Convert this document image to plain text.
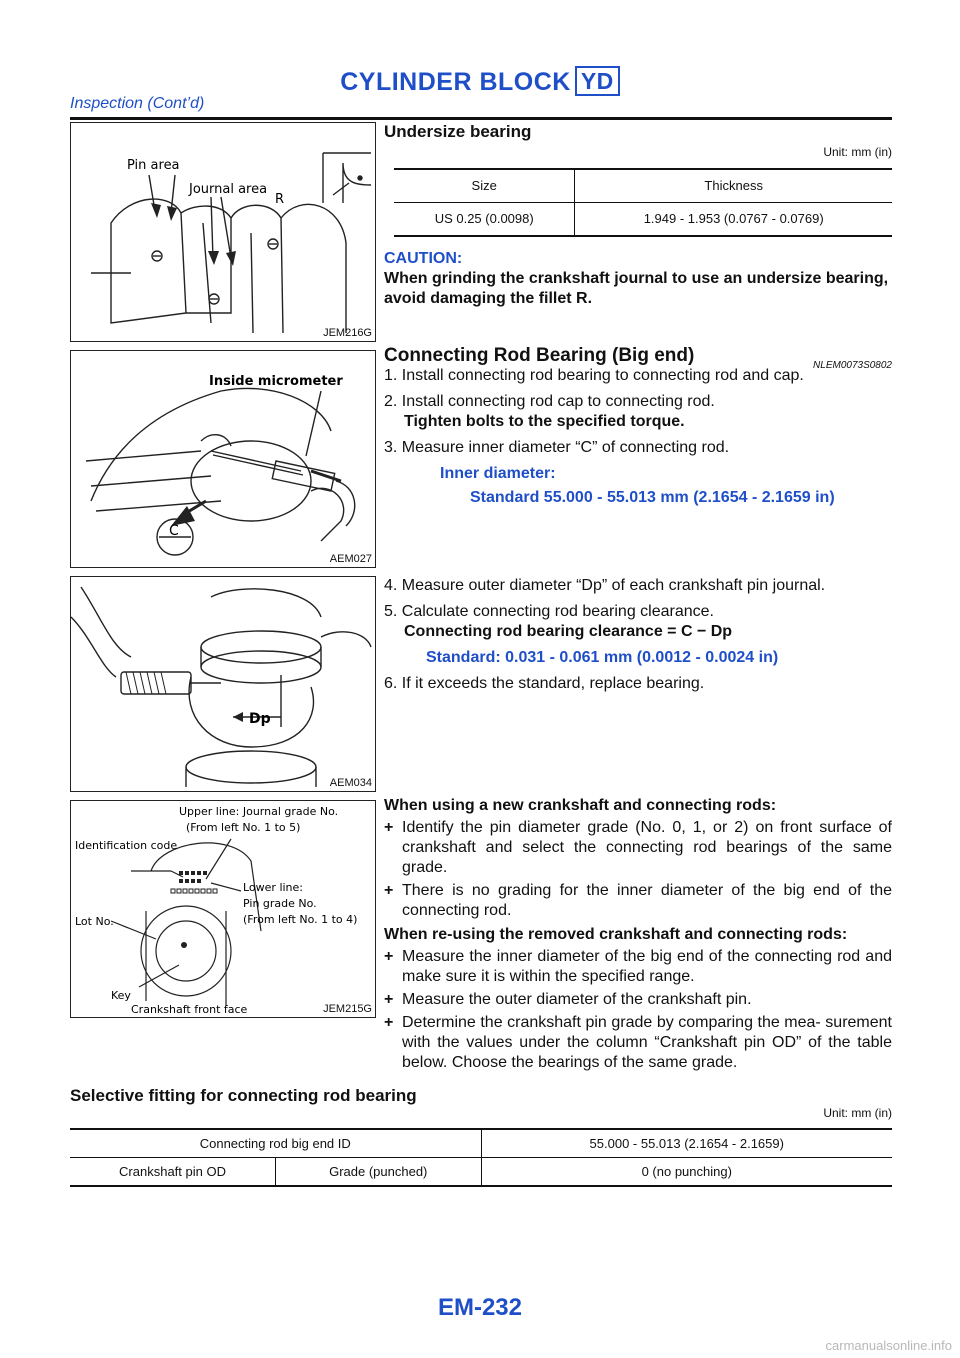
CYLINDER BLOCK YD
Inspection (Cont’d)
Pin area
Journal area
R
JEM216G
Inside micrometer
C
AEM027
Dp
AEM034
Upper line: Journal grade No.
(From left No. 1 to 5)
Identification code
Lower line:
Pin grade No.
(From left No. 1 to 4)
Lot No.
Key
Crankshaft front face	JEM215G
Undersize bearing
Unit: mm (in)
Size	Thickness
US 0.25 (0.0098)	1.949 - 1.953 (0.0767 - 0.0769)
CAUTION:
When grinding the crankshaft journal to use an undersize bearing, avoid damaging the fillet R.
Connecting Rod Bearing (Big end)	NLEM0073S0802
1. Install connecting rod bearing to connecting rod and cap.
2. Install connecting rod cap to connecting rod.
Tighten bolts to the specified torque.
3. Measure inner diameter “C” of connecting rod.
Inner diameter:
Standard 55.000 - 55.013 mm (2.1654 - 2.1659 in)
4. Measure outer diameter “Dp” of each crankshaft pin journal.
5. Calculate connecting rod bearing clearance.
Connecting rod bearing clearance = C − Dp
Standard: 0.031 - 0.061 mm (0.0012 - 0.0024 in)
6. If it exceeds the standard, replace bearing.
When using a new crankshaft and connecting rods:
+ Identify the pin diameter grade (No. 0, 1, or 2) on front surface of crankshaft and select the connecting rod bearings of the same grade.
+ There is no grading for the inner diameter of the big end of the connecting rod.
When re-using the removed crankshaft and connecting rods:
+ Measure the inner diameter of the big end of the connecting rod and make sure it is within the specified range.
+ Measure the outer diameter of the crankshaft pin.
+ Determine the crankshaft pin grade by comparing the mea- surement with the values under the column “Crankshaft pin OD” of the table below. Choose the bearings of the same grade.
Selective fitting for connecting rod bearing
Unit: mm (in)
Connecting rod big end ID		55.000 - 55.013 (2.1654 - 2.1659)
Crankshaft pin OD	Grade (punched)	0 (no punching)
EM-232
carmanualsonline.info
